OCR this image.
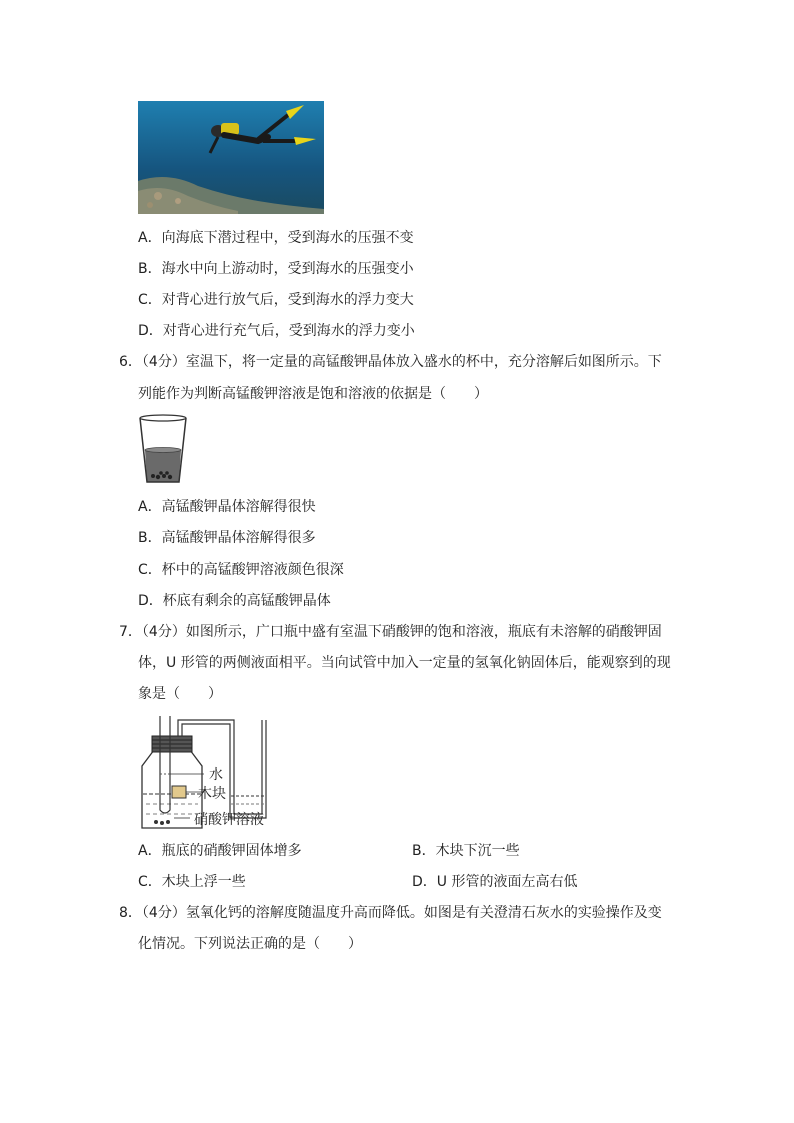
A．向海底下潜过程中，受到海水的压强不变
B．海水中向上游动时，受到海水的压强变小
C．对背心进行放气后，受到海水的浮力变大
D．对背心进行充气后，受到海水的浮力变小
6．（4分）室温下，将一定量的高锰酸钾晶体放入盛水的杯中，充分溶解后如图所示。下
列能作为判断高锰酸钾溶液是饱和溶液的依据是（　　）
A．高锰酸钾晶体溶解得很快
B．高锰酸钾晶体溶解得很多
C．杯中的高锰酸钾溶液颜色很深
D．杯底有剩余的高锰酸钾晶体
7．（4分）如图所示，广口瓶中盛有室温下硝酸钾的饱和溶液，瓶底有未溶解的硝酸钾固
体，U 形管的两侧液面相平。当向试管中加入一定量的氢氧化钠固体后，能观察到的现
象是（　　）
水
木块
硝酸钾溶液
A．瓶底的硝酸钾固体增多	B．木块下沉一些
C．木块上浮一些	D．U 形管的液面左高右低
8．（4分）氢氧化钙的溶解度随温度升高而降低。如图是有关澄清石灰水的实验操作及变
化情况。下列说法正确的是（　　）
